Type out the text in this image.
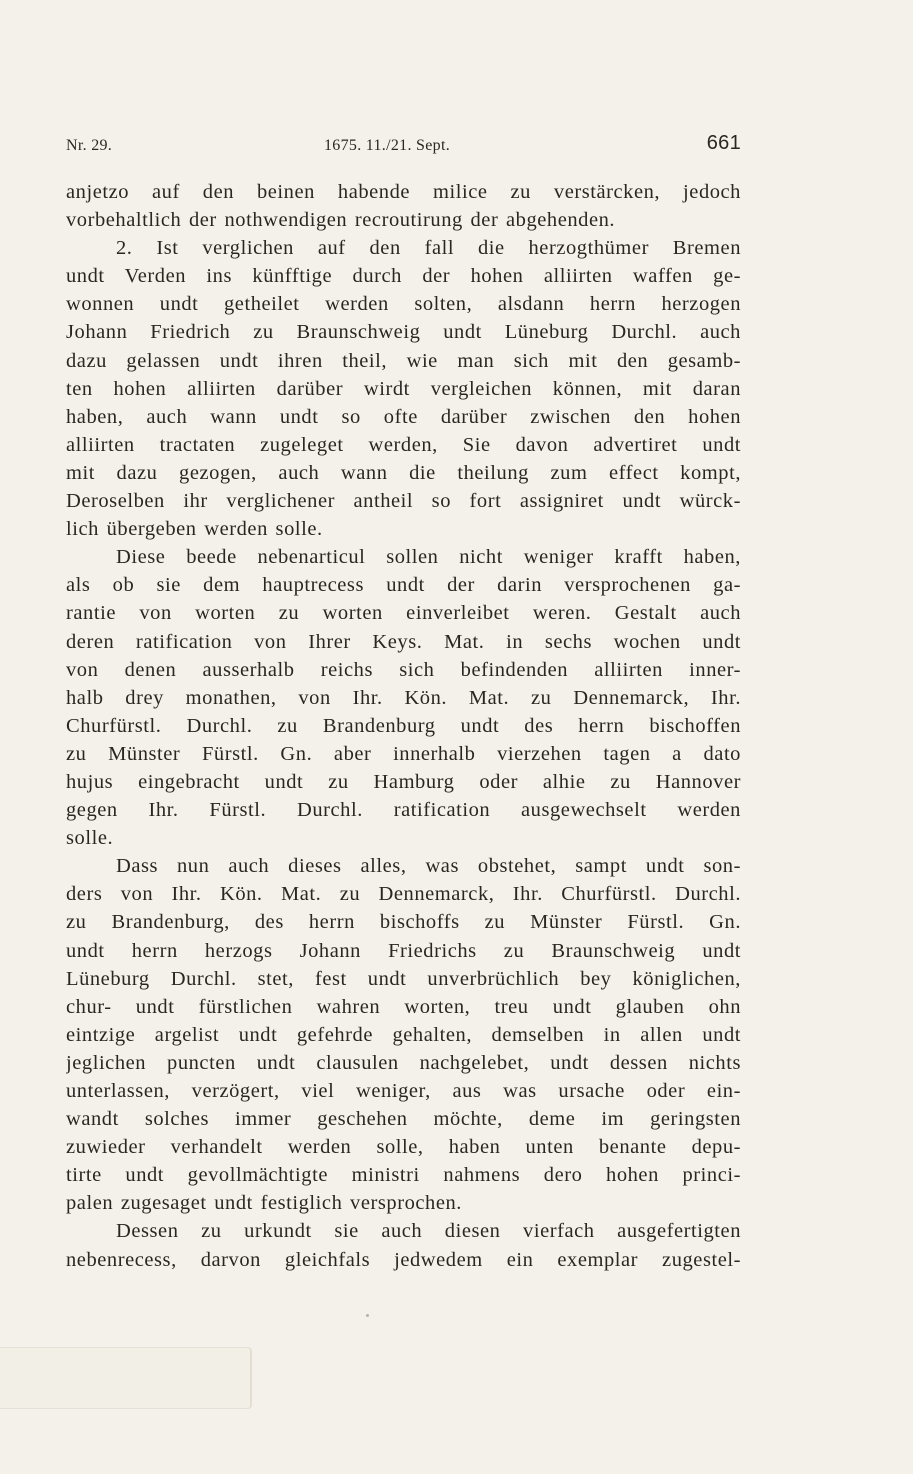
Nr. 29.	1675. 11./21. Sept.	661
anjetzo auf den beinen habende milice zu verstärcken, jedoch
vorbehaltlich der nothwendigen recroutirung der abgehenden.
2. Ist verglichen auf den fall die herzogthümer Bremen
undt Verden ins künfftige durch der hohen alliirten waffen ge-
wonnen undt getheilet werden solten, alsdann herrn herzogen
Johann Friedrich zu Braunschweig undt Lüneburg Durchl. auch
dazu gelassen undt ihren theil, wie man sich mit den gesamb-
ten hohen alliirten darüber wirdt vergleichen können, mit daran
haben, auch wann undt so ofte darüber zwischen den hohen
alliirten tractaten zugeleget werden, Sie davon advertiret undt
mit dazu gezogen, auch wann die theilung zum effect kompt,
Deroselben ihr verglichener antheil so fort assigniret undt würck-
lich übergeben werden solle.
Diese beede nebenarticul sollen nicht weniger krafft haben,
als ob sie dem hauptrecess undt der darin versprochenen ga-
rantie von worten zu worten einverleibet weren. Gestalt auch
deren ratification von Ihrer Keys. Mat. in sechs wochen undt
von denen ausserhalb reichs sich befindenden alliirten inner-
halb drey monathen, von Ihr. Kön. Mat. zu Dennemarck, Ihr.
Churfürstl. Durchl. zu Brandenburg undt des herrn bischoffen
zu Münster Fürstl. Gn. aber innerhalb vierzehen tagen a dato
hujus eingebracht undt zu Hamburg oder alhie zu Hannover
gegen Ihr. Fürstl. Durchl. ratification ausgewechselt werden
solle.
Dass nun auch dieses alles, was obstehet, sampt undt son-
ders von Ihr. Kön. Mat. zu Dennemarck, Ihr. Churfürstl. Durchl.
zu Brandenburg, des herrn bischoffs zu Münster Fürstl. Gn.
undt herrn herzogs Johann Friedrichs zu Braunschweig undt
Lüneburg Durchl. stet, fest undt unverbrüchlich bey königlichen,
chur- undt fürstlichen wahren worten, treu undt glauben ohn
eintzige argelist undt gefehrde gehalten, demselben in allen undt
jeglichen puncten undt clausulen nachgelebet, undt dessen nichts
unterlassen, verzögert, viel weniger, aus was ursache oder ein-
wandt solches immer geschehen möchte, deme im geringsten
zuwieder verhandelt werden solle, haben unten benante depu-
tirte undt gevollmächtigte ministri nahmens dero hohen princi-
palen zugesaget undt festiglich versprochen.
Dessen zu urkundt sie auch diesen vierfach ausgefertigten
nebenrecess, darvon gleichfals jedwedem ein exemplar zugestel-
